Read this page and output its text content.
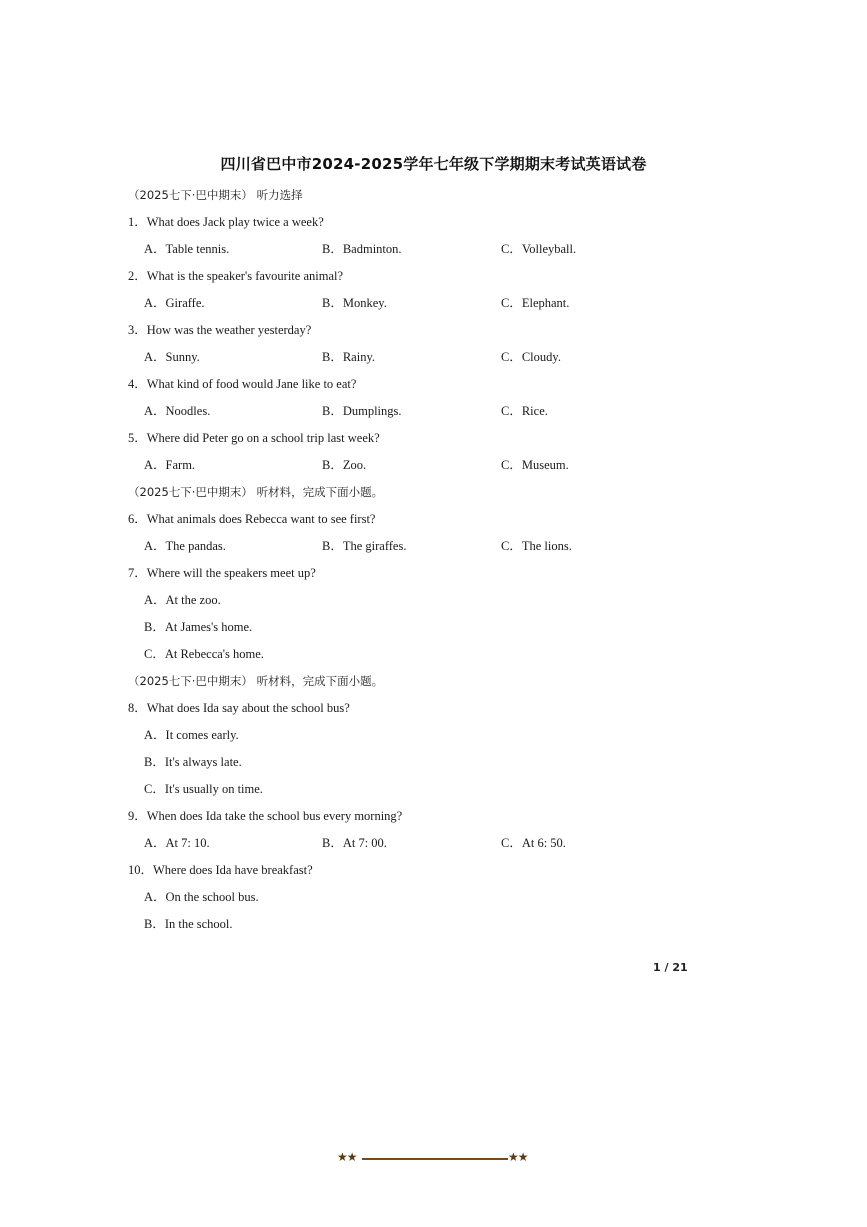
四川省巴中市2024-2025学年七年级下学期期末考试英语试卷
（2025七下·巴中期末） 听力选择
1．What does Jack play twice a week?
A．Table tennis.	B．Badminton.	C．Volleyball.
2．What is the speaker's favourite animal?
A．Giraffe.	B．Monkey.	C．Elephant.
3．How was the weather yesterday?
A．Sunny.	B．Rainy.	C．Cloudy.
4．What kind of food would Jane like to eat?
A．Noodles.	B．Dumplings.	C．Rice.
5．Where did Peter go on a school trip last week?
A．Farm.	B．Zoo.	C．Museum.
（2025七下·巴中期末） 听材料，完成下面小题。
6．What animals does Rebecca want to see first?
A．The pandas.	B．The giraffes.	C．The lions.
7．Where will the speakers meet up?
A．At the zoo.
B．At James's home.
C．At Rebecca's home.
（2025七下·巴中期末） 听材料，完成下面小题。
8．What does Ida say about the school bus?
A．It comes early.
B．It's always late.
C．It's usually on time.
9．When does Ida take the school bus every morning?
A．At 7: 10.	B．At 7: 00.	C．At 6: 50.
10．Where does Ida have breakfast?
A．On the school bus.
B．In the school.
1 / 21
★★	★★
